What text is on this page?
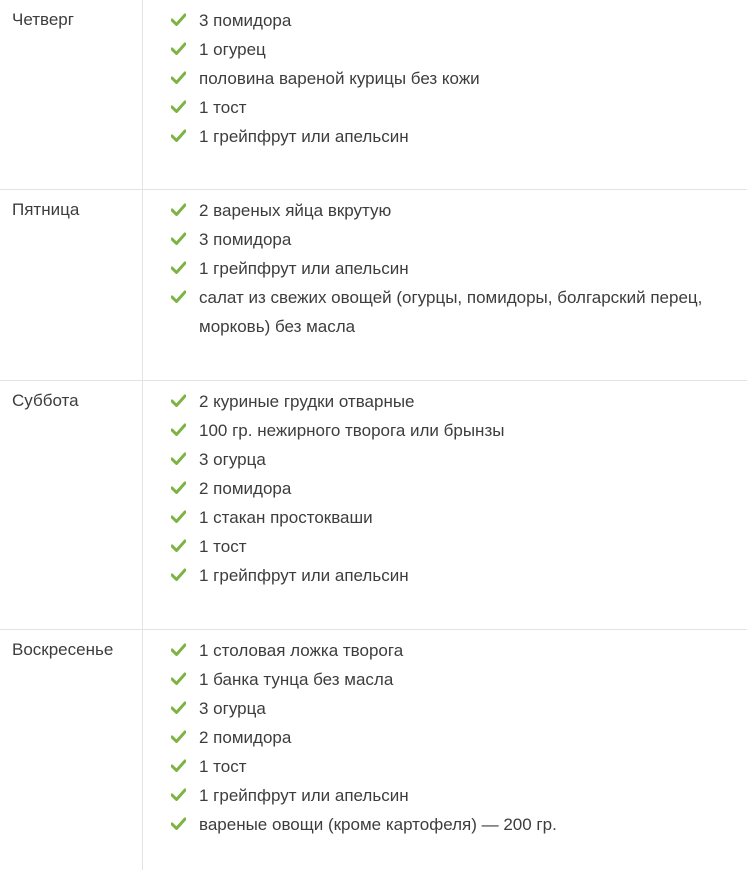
Четверг	3 помидора
1 огурец
половина вареной курицы без кожи
1 тост
1 грейпфрут или апельсин
Пятница	2 вареных яйца вкрутую
3 помидора
1 грейпфрут или апельсин
салат из свежих овощей (огурцы, помидоры, болгарский перец, морковь) без масла
Суббота	2 куриные грудки отварные
100 гр. нежирного творога или брынзы
3 огурца
2 помидора
1 стакан простокваши
1 тост
1 грейпфрут или апельсин
Воскресенье	1 столовая ложка творога
1 банка тунца без масла
3 огурца
2 помидора
1 тост
1 грейпфрут или апельсин
вареные овощи (кроме картофеля) — 200 гр.
